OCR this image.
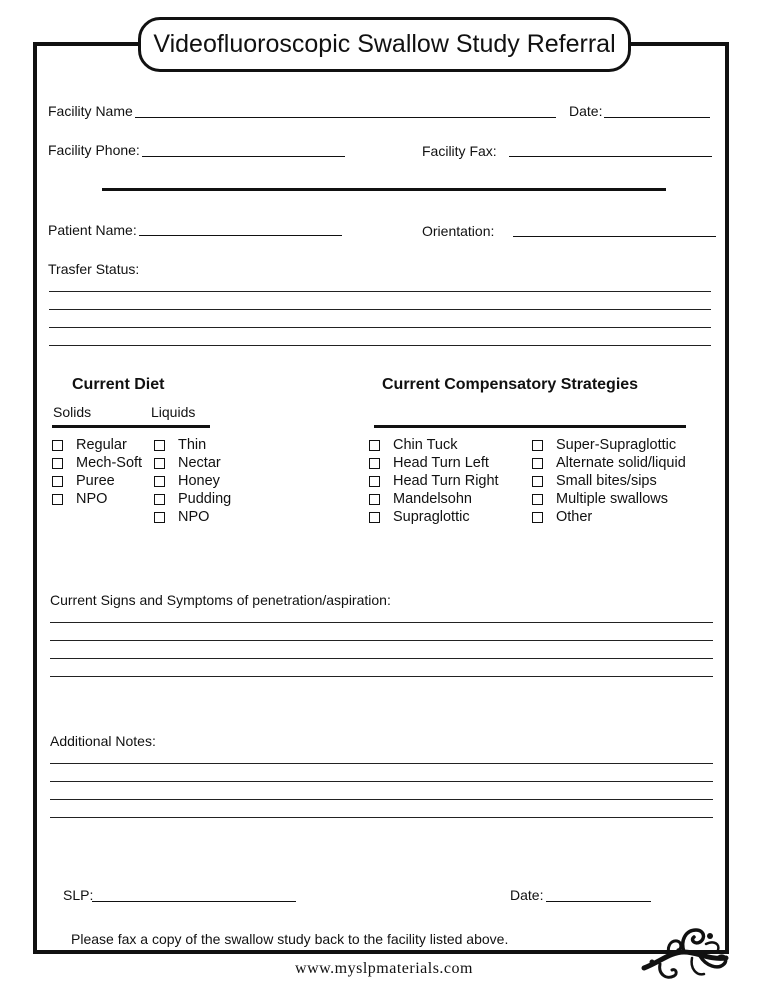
Videofluoroscopic Swallow Study Referral
Facility Name	Date:
Facility Phone:	Facility Fax:
Patient Name:	Orientation:
Trasfer Status:
Current Diet
Solids	Liquids
Regular
Mech-Soft
Puree
NPO
Thin
Nectar
Honey
Pudding
NPO
Current Compensatory Strategies
Chin Tuck
Head Turn Left
Head Turn Right
Mandelsohn
Supraglottic
Super-Supraglottic
Alternate solid/liquid
Small bites/sips
Multiple swallows
Other
Current Signs and Symptoms of penetration/aspiration:
Additional Notes:
SLP:	Date:
Please fax a copy of the swallow study back to the facility listed above.
www.myslpmaterials.com
